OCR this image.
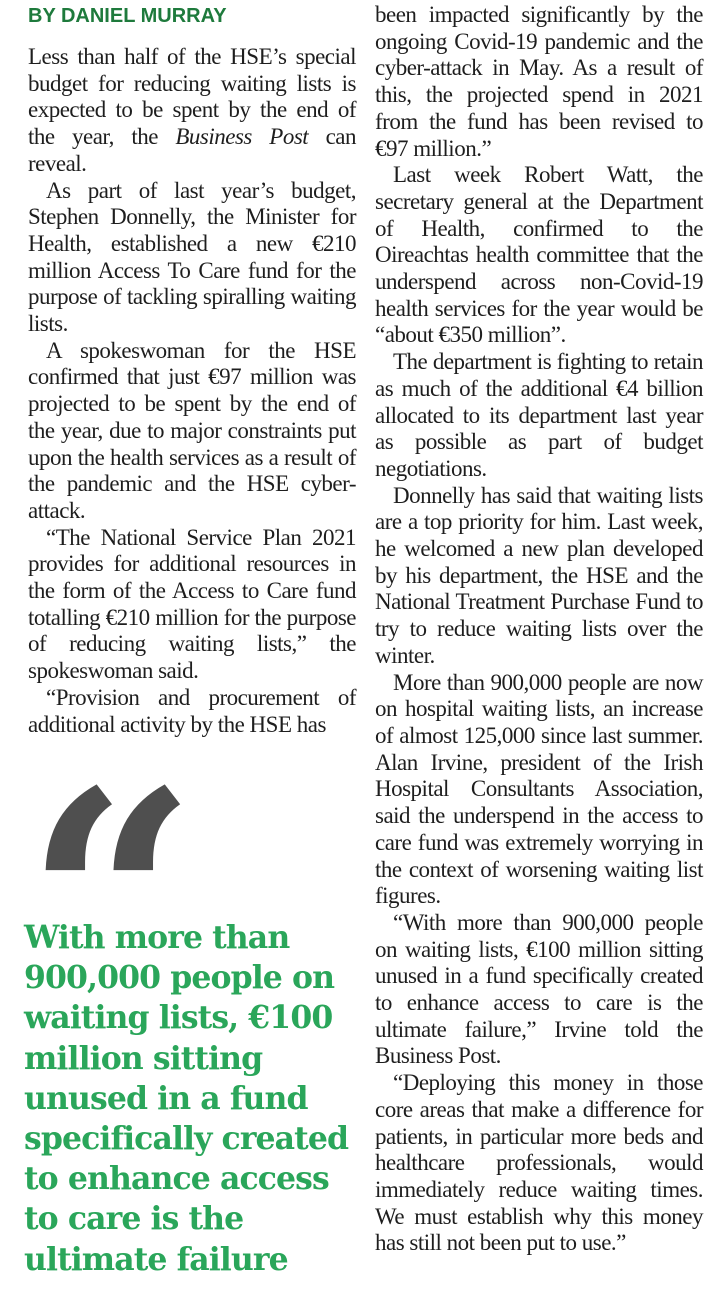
BY DANIEL MURRAY

Less than half of the HSE’s special budget for reducing waiting lists is expected to be spent by the end of the year, the Business Post can reveal.

As part of last year’s budget, Stephen Donnelly, the Minister for Health, established a new €210 million Access To Care fund for the purpose of tackling spiralling waiting lists.

A spokeswoman for the HSE confirmed that just €97 million was projected to be spent by the end of the year, due to major constraints put upon the health services as a result of the pandemic and the HSE cyber-attack.

“The National Service Plan 2021 provides for additional resources in the form of the Access to Care fund totalling €210 million for the purpose of reducing waiting lists,” the spokeswoman said.

“Provision and procurement of additional activity by the HSE has

With more than 900,000 people on waiting lists, €100 million sitting unused in a fund specifically created to enhance access to care is the ultimate failure

been impacted significantly by the ongoing Covid-19 pandemic and the cyber-attack in May. As a result of this, the projected spend in 2021 from the fund has been revised to €97 million.”

Last week Robert Watt, the secretary general at the Department of Health, confirmed to the Oireachtas health committee that the underspend across non-Covid-19 health services for the year would be “about €350 million”.

The department is fighting to retain as much of the additional €4 billion allocated to its department last year as possible as part of budget negotiations.

Donnelly has said that waiting lists are a top priority for him. Last week, he welcomed a new plan developed by his department, the HSE and the National Treatment Purchase Fund to try to reduce waiting lists over the winter.

More than 900,000 people are now on hospital waiting lists, an increase of almost 125,000 since last summer. Alan Irvine, president of the Irish Hospital Consultants Association, said the underspend in the access to care fund was extremely worrying in the context of worsening waiting list figures.

“With more than 900,000 people on waiting lists, €100 million sitting unused in a fund specifically created to enhance access to care is the ultimate failure,” Irvine told the Business Post.

“Deploying this money in those core areas that make a difference for patients, in particular more beds and healthcare professionals, would immediately reduce waiting times. We must establish why this money has still not been put to use.”
